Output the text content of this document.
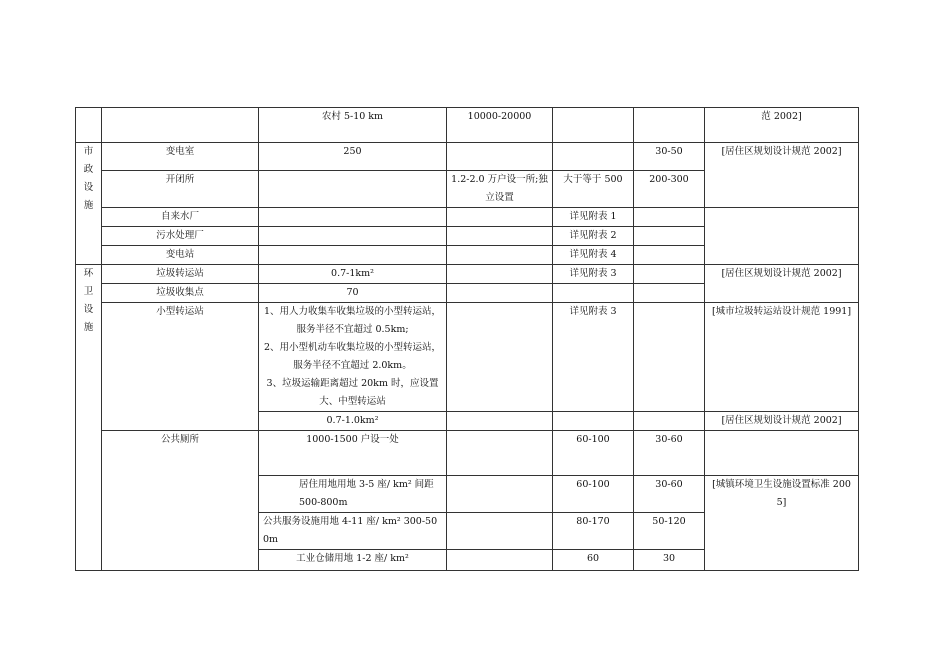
		农村 5-10 km	10000-20000			范 2002]

市
政
设
施	变电室	250			30-50	[居住区规划设计规范 2002]
	开闭所		1.2-2.0 万户设一所;独立设置	大于等于 500	200-300	
	自来水厂			详见附表 1		
	污水处理厂			详见附表 2		
	变电站			详见附表 4		

环
卫
设
施	垃圾转运站	0.7-1km²		详见附表 3		[居住区规划设计规范 2002]
	垃圾收集点	70				
	小型转运站	1、用人力收集车收集垃圾的小型转运站，服务半径不宜超过 0.5km;
2、用小型机动车收集垃圾的小型转运站，服务半径不宜超过 2.0km。
3、垃圾运输距离超过 20km 时，应设置大、中型转运站		详见附表 3		[城市垃圾转运站设计规范 1991]
		0.7-1.0km²				[居住区规划设计规范 2002]
	公共厕所	1000-1500 户设一处		60-100	30-60	
		居住用地用地 3-5 座/ km² 间距 500-800m		60-100	30-60	[城镇环境卫生设施设置标准 2005]
		公共服务设施用地 4-11 座/ km² 300-500m		80-170	50-120	
		工业仓储用地 1-2 座/ km²		60	30	
